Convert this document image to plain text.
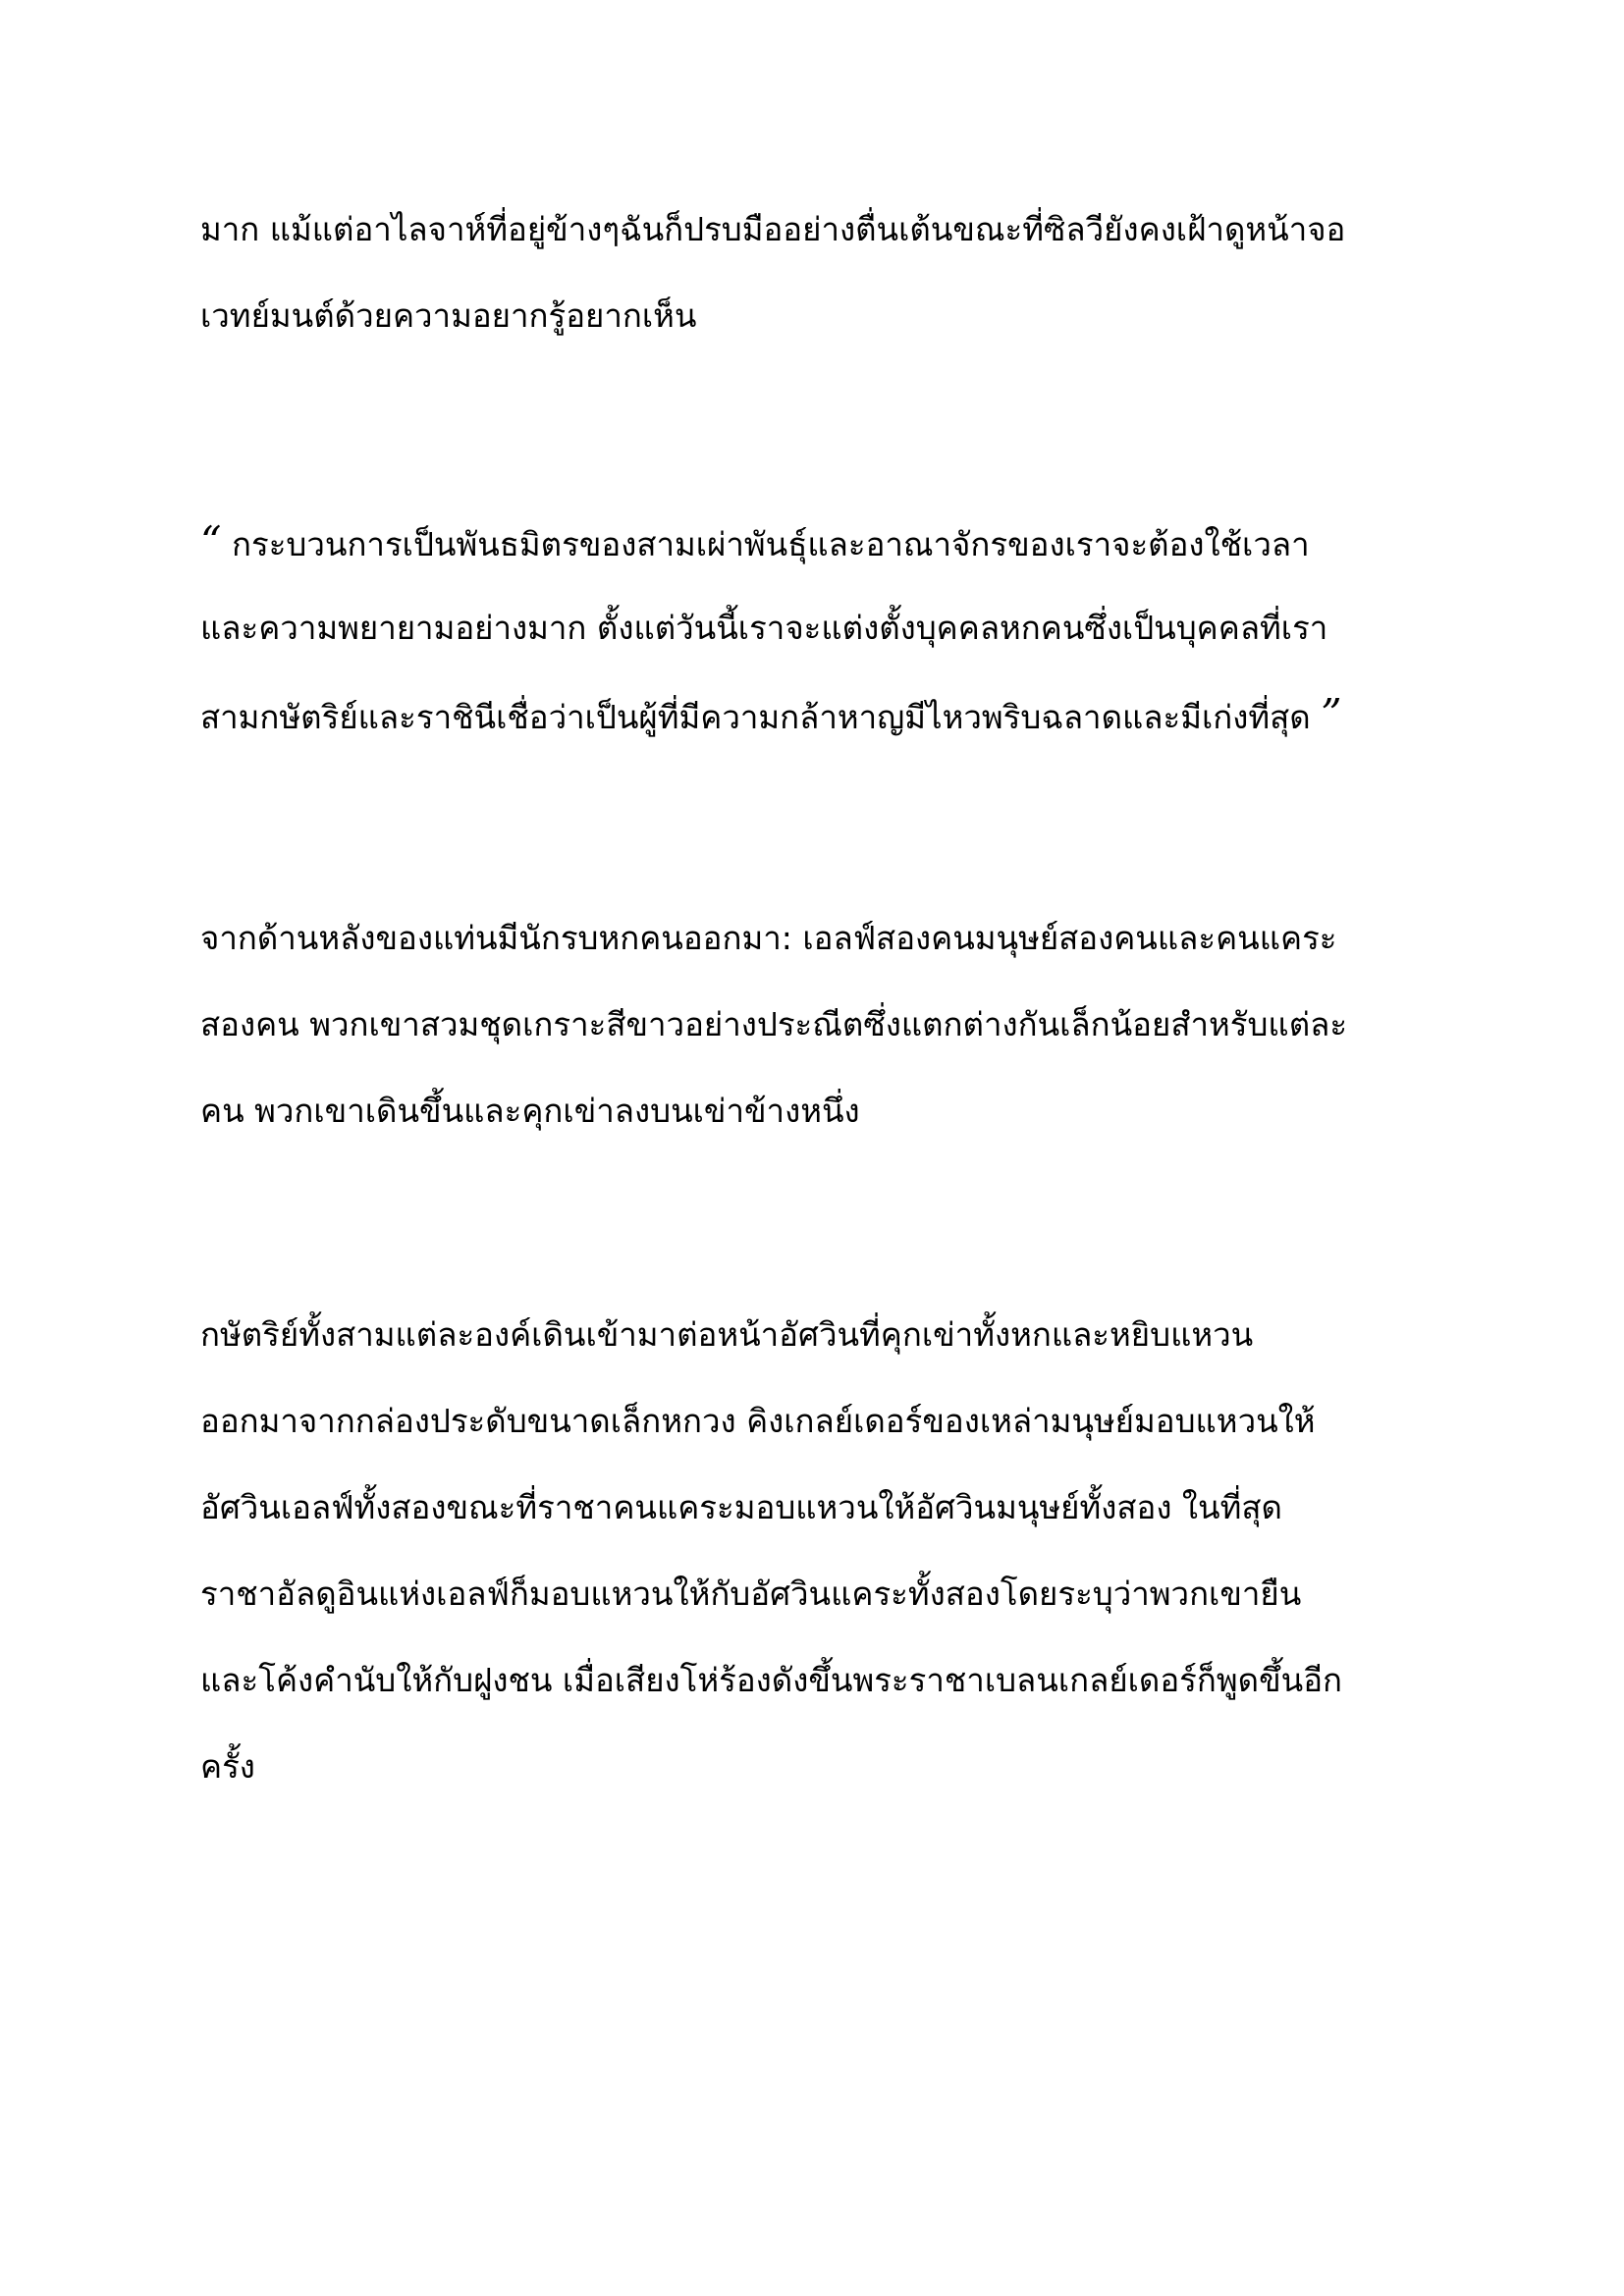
มาก แม้แต่อาไลจาห์ที่อยู่ข้างๆฉันก็ปรบมืออย่างตื่นเต้นขณะที่ซิลวียังคงเฝ้าดูหน้าจอ
เวทย์มนต์ด้วยความอยากรู้อยากเห็น
“ กระบวนการเป็นพันธมิตรของสามเผ่าพันธุ์และอาณาจักรของเราจะต้องใช้เวลา
และความพยายามอย่างมาก ตั้งแต่วันนี้เราจะแต่งตั้งบุคคลหกคนซึ่งเป็นบุคคลที่เรา
สามกษัตริย์และราชินีเชื่อว่าเป็นผู้ที่มีความกล้าหาญมีไหวพริบฉลาดและมีเก่งที่สุด ”
จากด้านหลังของแท่นมีนักรบหกคนออกมา: เอลฟ์สองคนมนุษย์สองคนและคนแคระ
สองคน พวกเขาสวมชุดเกราะสีขาวอย่างประณีตซึ่งแตกต่างกันเล็กน้อยสำหรับแต่ละ
คน พวกเขาเดินขึ้นและคุกเข่าลงบนเข่าข้างหนึ่ง
กษัตริย์ทั้งสามแต่ละองค์เดินเข้ามาต่อหน้าอัศวินที่คุกเข่าทั้งหกและหยิบแหวน
ออกมาจากกล่องประดับขนาดเล็กหกวง คิงเกลย์เดอร์ของเหล่ามนุษย์มอบแหวนให้
อัศวินเอลฟ์ทั้งสองขณะที่ราชาคนแคระมอบแหวนให้อัศวินมนุษย์ทั้งสอง ในที่สุด
ราชาอัลดูอินแห่งเอลฟ์ก็มอบแหวนให้กับอัศวินแคระทั้งสองโดยระบุว่าพวกเขายืน
และโค้งคำนับให้กับฝูงชน เมื่อเสียงโห่ร้องดังขึ้นพระราชาเบลนเกลย์เดอร์ก็พูดขึ้นอีก
ครั้ง
